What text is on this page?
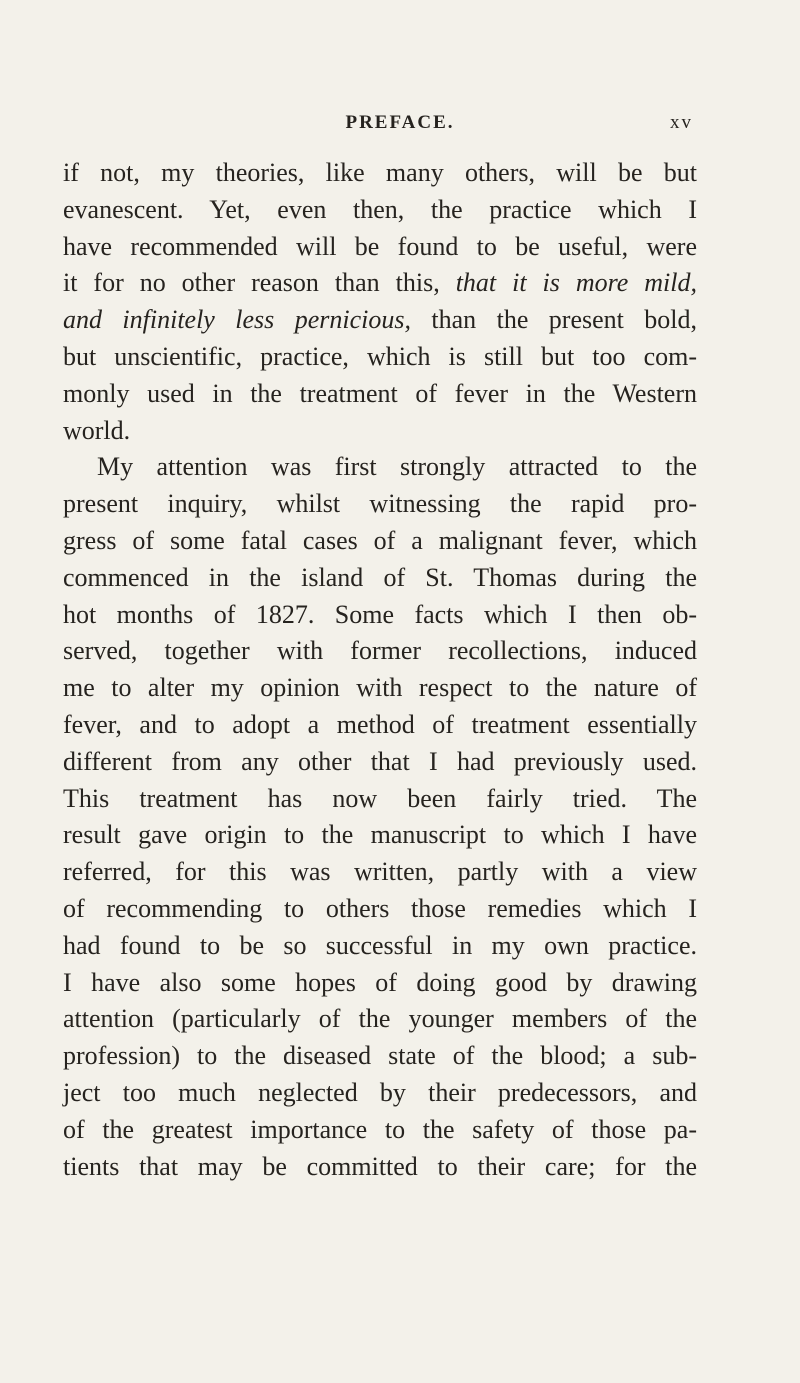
PREFACE.	xv
if not, my theories, like many others, will be but
evanescent. Yet, even then, the practice which I
have recommended will be found to be useful, were
it for no other reason than this, that it is more mild,
and infinitely less pernicious, than the present bold,
but unscientific, practice, which is still but too com-
monly used in the treatment of fever in the Western
world.
My attention was first strongly attracted to the
present inquiry, whilst witnessing the rapid pro-
gress of some fatal cases of a malignant fever, which
commenced in the island of St. Thomas during the
hot months of 1827. Some facts which I then ob-
served, together with former recollections, induced
me to alter my opinion with respect to the nature of
fever, and to adopt a method of treatment essentially
different from any other that I had previously used.
This treatment has now been fairly tried. The
result gave origin to the manuscript to which I have
referred, for this was written, partly with a view
of recommending to others those remedies which I
had found to be so successful in my own practice.
I have also some hopes of doing good by drawing
attention (particularly of the younger members of the
profession) to the diseased state of the blood; a sub-
ject too much neglected by their predecessors, and
of the greatest importance to the safety of those pa-
tients that may be committed to their care; for the
